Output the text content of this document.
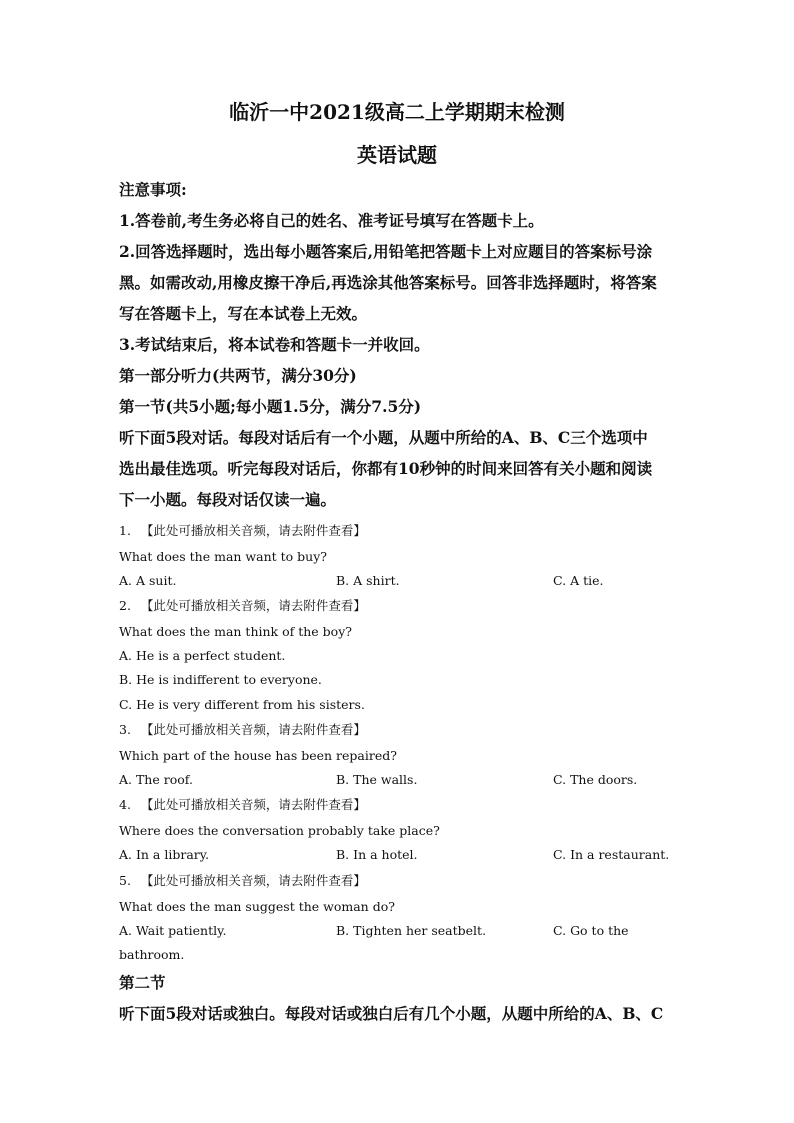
临沂一中2021级高二上学期期末检测
英语试题
注意事项:
1.答卷前,考生务必将自己的姓名、准考证号填写在答题卡上。
2.回答选择题时，选出每小题答案后,用铅笔把答题卡上对应题目的答案标号涂
黑。如需改动,用橡皮擦干净后,再选涂其他答案标号。回答非选择题时，将答案
写在答题卡上，写在本试卷上无效。
3.考试结束后，将本试卷和答题卡一并收回。
第一部分听力(共两节，满分30分)
第一节(共5小题;每小题1.5分，满分7.5分)
听下面5段对话。每段对话后有一个小题，从题中所给的A、B、C三个选项中
选出最佳选项。听完每段对话后，你都有10秒钟的时间来回答有关小题和阅读
下一小题。每段对话仅读一遍。
1. 【此处可播放相关音频，请去附件查看】
What does the man want to buy?
A. A suit.	B. A shirt.	C. A tie.
2. 【此处可播放相关音频，请去附件查看】
What does the man think of the boy?
A. He is a perfect student.
B. He is indifferent to everyone.
C. He is very different from his sisters.
3. 【此处可播放相关音频，请去附件查看】
Which part of the house has been repaired?
A. The roof.	B. The walls.	C. The doors.
4. 【此处可播放相关音频，请去附件查看】
Where does the conversation probably take place?
A. In a library.	B. In a hotel.	C. In a restaurant.
5. 【此处可播放相关音频，请去附件查看】
What does the man suggest the woman do?
A. Wait patiently.	B. Tighten her seatbelt.	C. Go to the
bathroom.
第二节
听下面5段对话或独白。每段对话或独白后有几个小题，从题中所给的A、B、C
